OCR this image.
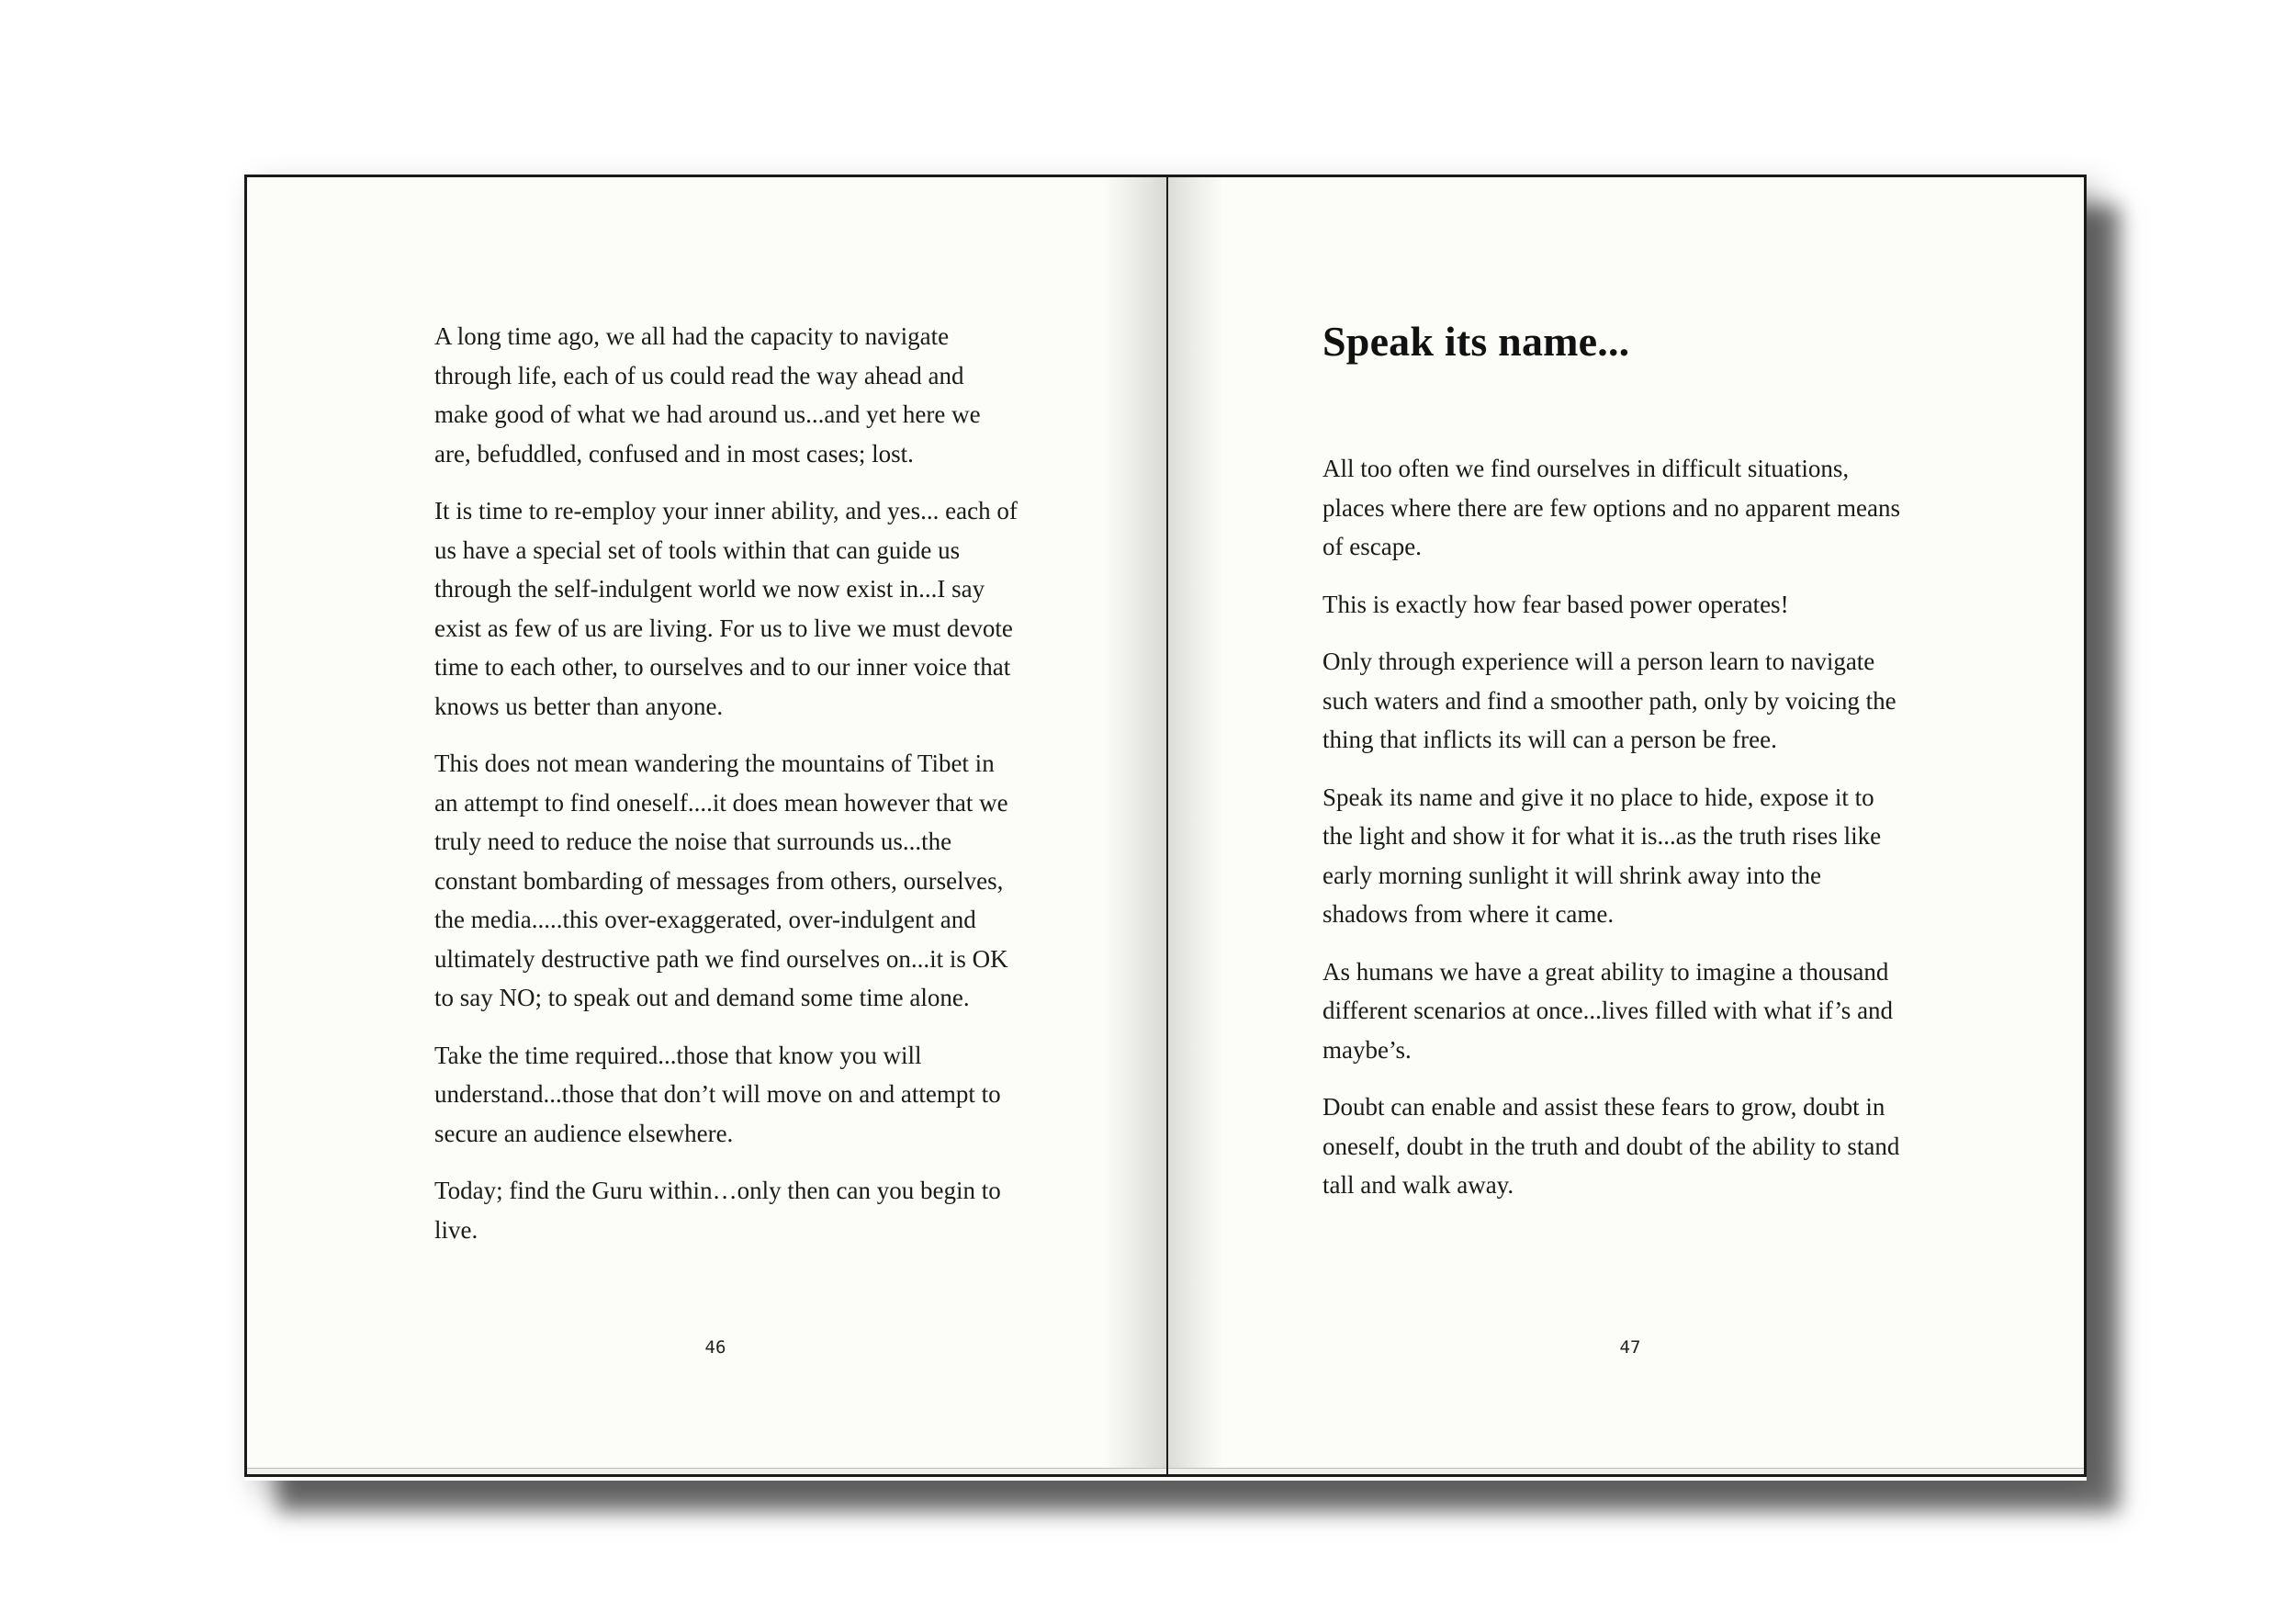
A long time ago, we all had the capacity to navigate through life, each of us could read the way ahead and make good of what we had around us...and yet here we are, befuddled, confused and in most cases; lost.

It is time to re-employ your inner ability, and yes... each of us have a special set of tools within that can guide us through the self-indulgent world we now exist in...I say exist as few of us are living. For us to live we must devote time to each other, to ourselves and to our inner voice that knows us better than anyone.

This does not mean wandering the mountains of Tibet in an attempt to find oneself....it does mean however that we truly need to reduce the noise that surrounds us...the constant bombarding of messages from others, ourselves, the media.....this over-exaggerated, over-indulgent and ultimately destructive path we find ourselves on...it is OK to say NO; to speak out and demand some time alone.

Take the time required...those that know you will understand...those that don’t will move on and attempt to secure an audience elsewhere.

Today; find the Guru within…only then can you begin to live.

46
Speak its name...

All too often we find ourselves in difficult situations, places where there are few options and no apparent means of escape.

This is exactly how fear based power operates!

Only through experience will a person learn to navigate such waters and find a smoother path, only by voicing the thing that inflicts its will can a person be free.

Speak its name and give it no place to hide, expose it to the light and show it for what it is...as the truth rises like early morning sunlight it will shrink away into the shadows from where it came.

As humans we have a great ability to imagine a thousand different scenarios at once...lives filled with what if’s and maybe’s.

Doubt can enable and assist these fears to grow, doubt in oneself, doubt in the truth and doubt of the ability to stand tall and walk away.

47
